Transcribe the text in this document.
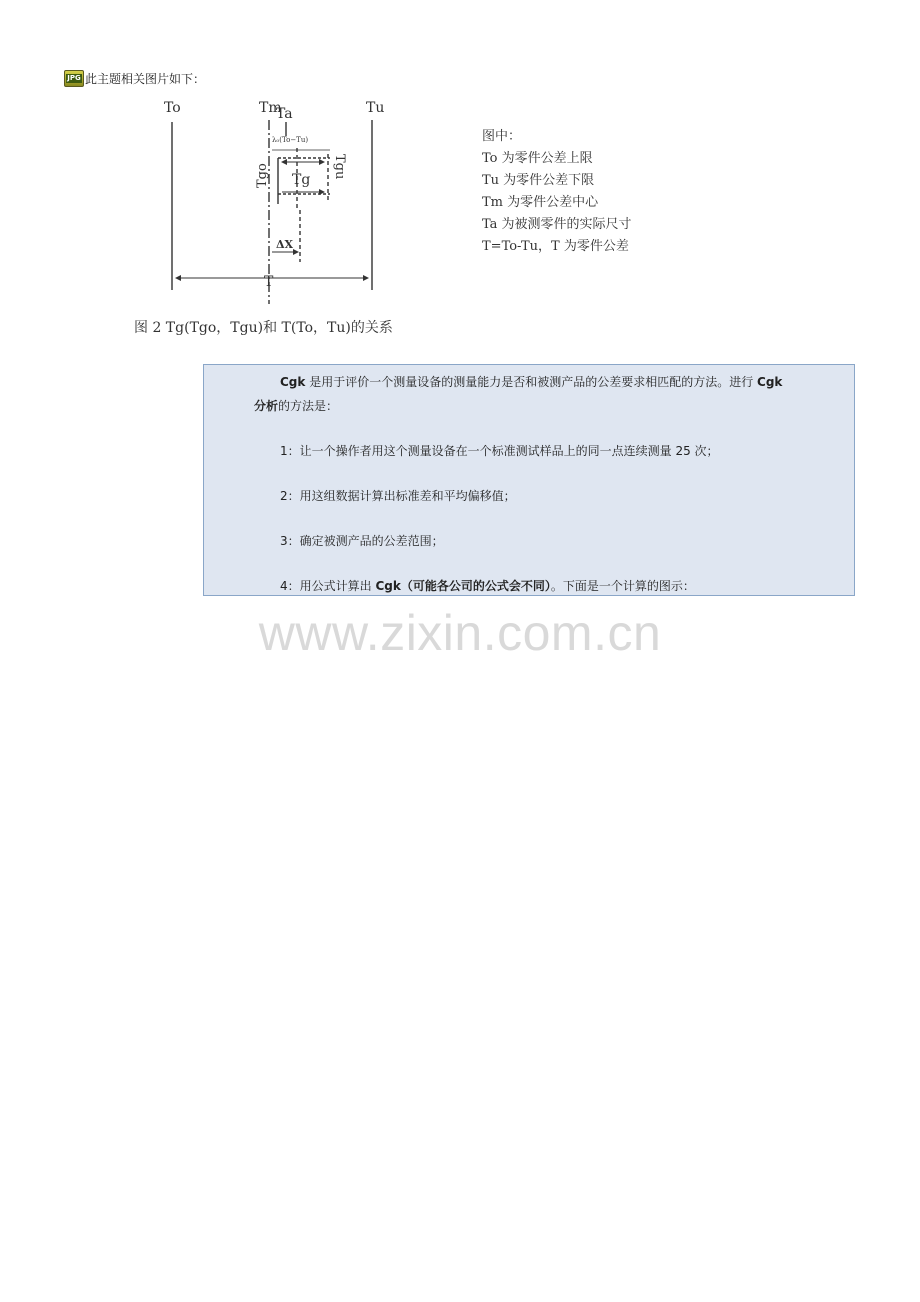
JPG 此主题相关图片如下：
To	Tm
Ta	Tu
λ₀(To−Tu)
Tgo	Tgu
Tg
ΔX
T
图中：
To 为零件公差上限
Tu 为零件公差下限
Tm 为零件公差中心
Ta 为被测零件的实际尺寸
T=To-Tu，T 为零件公差
图 2 Tg(Tgo，Tgu)和 T(To，Tu)的关系
Cgk 是用于评价一个测量设备的测量能力是否和被测产品的公差要求相匹配的方法。进行 Cgk
分析的方法是：
1：让一个操作者用这个测量设备在一个标准测试样品上的同一点连续测量 25 次；
2：用这组数据计算出标准差和平均偏移值；
3：确定被测产品的公差范围；
4：用公式计算出 Cgk（可能各公司的公式会不同）。下面是一个计算的图示：
www.zixin.com.cn
